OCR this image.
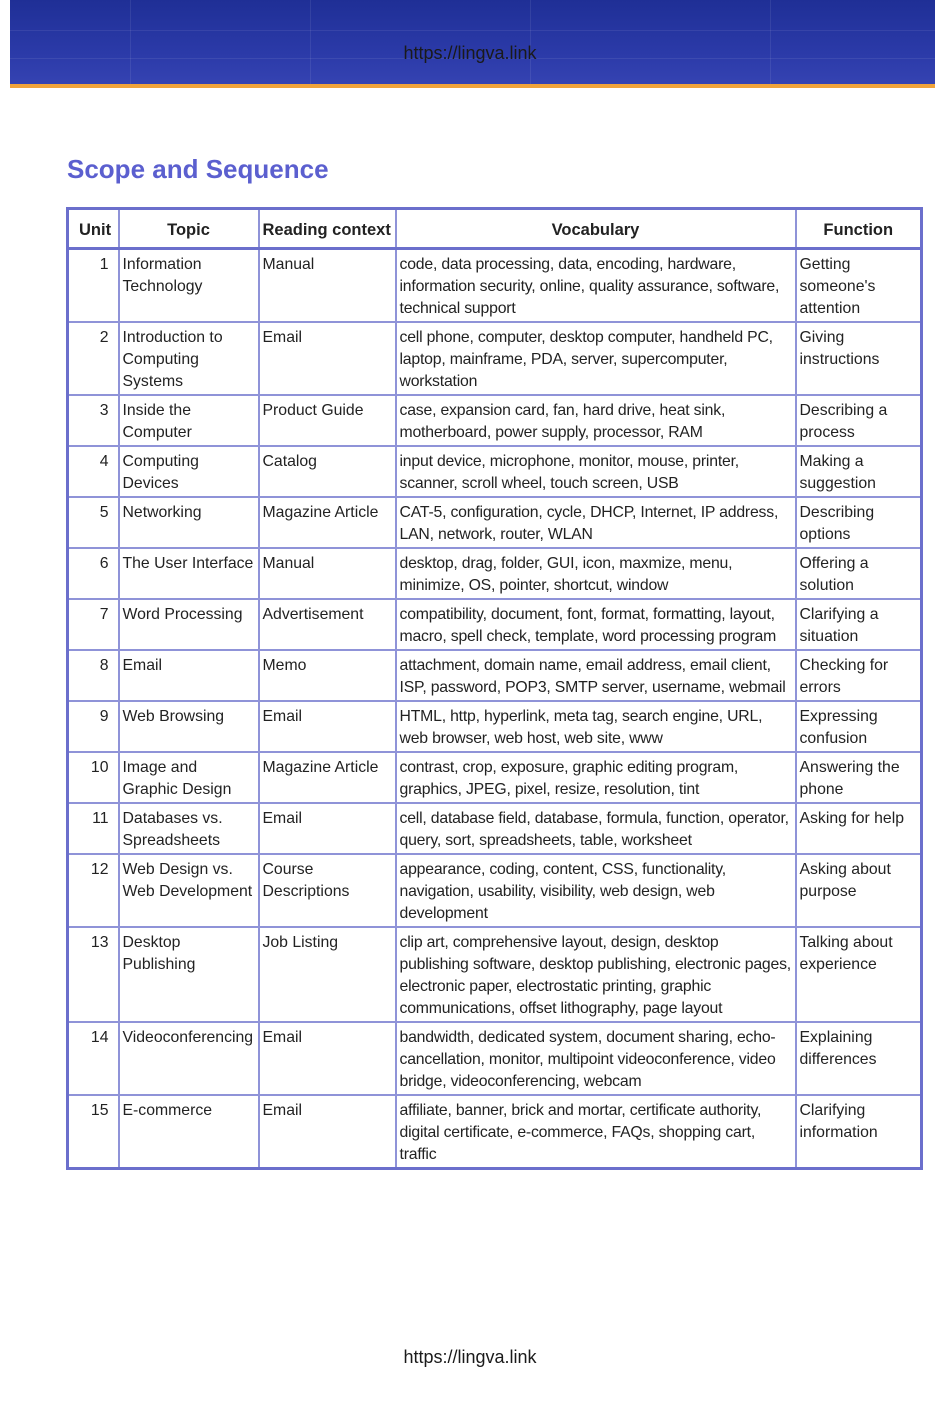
https://lingva.link
Scope and Sequence
Unit	Topic	Reading context	Vocabulary	Function
1	Information Technology	Manual	code, data processing, data, encoding, hardware, information security, online, quality assurance, software, technical support	Getting someone's attention
2	Introduction to Computing Systems	Email	cell phone, computer, desktop computer, handheld PC, laptop, mainframe, PDA, server, supercomputer, workstation	Giving instructions
3	Inside the Computer	Product Guide	case, expansion card, fan, hard drive, heat sink, motherboard, power supply, processor, RAM	Describing a process
4	Computing Devices	Catalog	input device, microphone, monitor, mouse, printer, scanner, scroll wheel, touch screen, USB	Making a suggestion
5	Networking	Magazine Article	CAT-5, configuration, cycle, DHCP, Internet, IP address, LAN, network, router, WLAN	Describing options
6	The User Interface	Manual	desktop, drag, folder, GUI, icon, maxmize, menu, minimize, OS, pointer, shortcut, window	Offering a solution
7	Word Processing	Advertisement	compatibility, document, font, format, formatting, layout, macro, spell check, template, word processing program	Clarifying a situation
8	Email	Memo	attachment, domain name, email address, email client, ISP, password, POP3, SMTP server, username, webmail	Checking for errors
9	Web Browsing	Email	HTML, http, hyperlink, meta tag, search engine, URL, web browser, web host, web site, www	Expressing confusion
10	Image and Graphic Design	Magazine Article	contrast, crop, exposure, graphic editing program, graphics, JPEG, pixel, resize, resolution, tint	Answering the phone
11	Databases vs. Spreadsheets	Email	cell, database field, database, formula, function, operator, query, sort, spreadsheets, table, worksheet	Asking for help
12	Web Design vs. Web Development	Course Descriptions	appearance, coding, content, CSS, functionality, navigation, usability, visibility, web design, web development	Asking about purpose
13	Desktop Publishing	Job Listing	clip art, comprehensive layout, design, desktop publishing software, desktop publishing, electronic pages, electronic paper, electrostatic printing, graphic communications, offset lithography, page layout	Talking about experience
14	Videoconferencing	Email	bandwidth, dedicated system, document sharing, echo-cancellation, monitor, multipoint videoconference, video bridge, videoconferencing, webcam	Explaining differences
15	E-commerce	Email	affiliate, banner, brick and mortar, certificate authority, digital certificate, e-commerce, FAQs, shopping cart, traffic	Clarifying information
https://lingva.link
